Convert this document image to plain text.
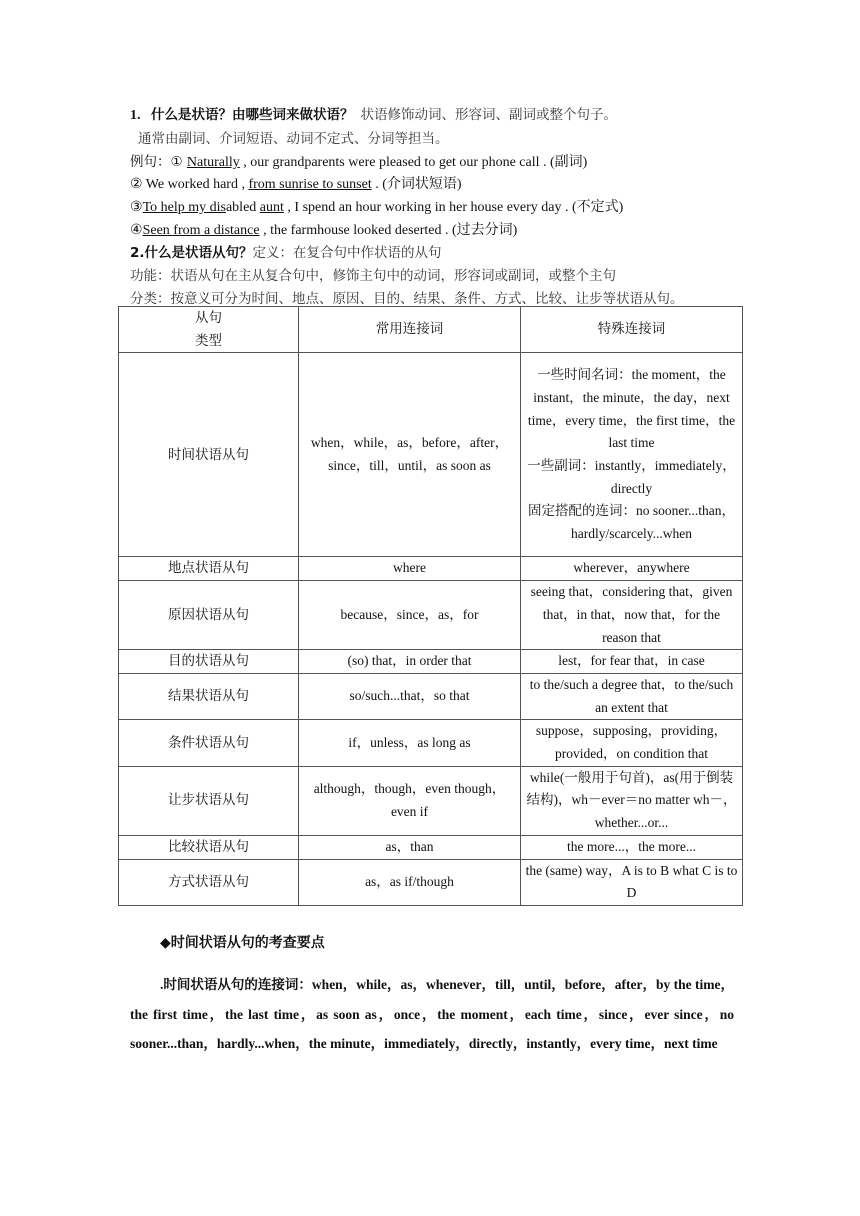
1. 什么是状语？由哪些词来做状语？ 状语修饰动词、形容词、副词或整个句子。
通常由副词、介词短语、动词不定式、分词等担当。
例句：① Naturally , our grandparents were pleased to get our phone call . (副词)
② We worked hard , from sunrise to sunset . (介词状短语)
③To help my disabled aunt , I spend an hour working in her house every day . (不定式)
④Seen from a distance , the farmhouse looked deserted . (过去分词)
2.什么是状语从句？定义：在复合句中作状语的从句
功能：状语从句在主从复合句中，修饰主句中的动词，形容词或副词，或整个主句
分类：按意义可分为时间、地点、原因、目的、结果、条件、方式、比较、让步等状语从句。
从句
类型	常用连接词	特殊连接词
时间状语从句	when，while，as，before，after，since，till，until，as soon as	一些时间名词：the moment，the instant，the minute，the day，next time，every time，the first time，the last time
一些副词：instantly，immediately，directly
固定搭配的连词：no sooner...than，hardly/scarcely...when

地点状语从句	where	wherever，anywhere
原因状语从句	because，since，as，for	seeing that，considering that，given that，in that，now that，for the reason that
目的状语从句	(so) that，in order that	lest，for fear that，in case
结果状语从句	so/such...that，so that	to the/such a degree that，to the/such an extent that
条件状语从句	if，unless，as long as	suppose，supposing，providing，provided，on condition that
让步状语从句	although，though，even though，even if	while(一般用于句首)，as(用于倒装结构)，wh－ever＝no matter wh－，whether...or...
比较状语从句	as，than	the more...，the more...
方式状语从句	as，as if/though	the (same) way，A is to B what C is to D
◆时间状语从句的考查要点
.时间状语从句的连接词：when，while，as，whenever，till，until，before，after，by the time，the first time，the last time，as soon as，once，the moment，each time，since，ever since，no sooner...than，hardly...when，the minute，immediately，directly，instantly，every time，next time
